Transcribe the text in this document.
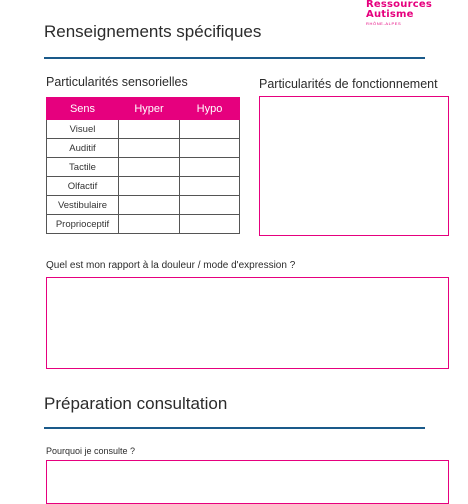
Ressources
Autisme
RHÔNE-ALPES
Renseignements spécifiques
Particularités sensorielles
Sens	Hyper	Hypo
Visuel		
Auditif		
Tactile		
Olfactif		
Vestibulaire		
Proprioceptif		
Particularités de fonctionnement
Quel est mon rapport à la douleur / mode d'expression ?
Préparation consultation
Pourquoi je consulte ?
